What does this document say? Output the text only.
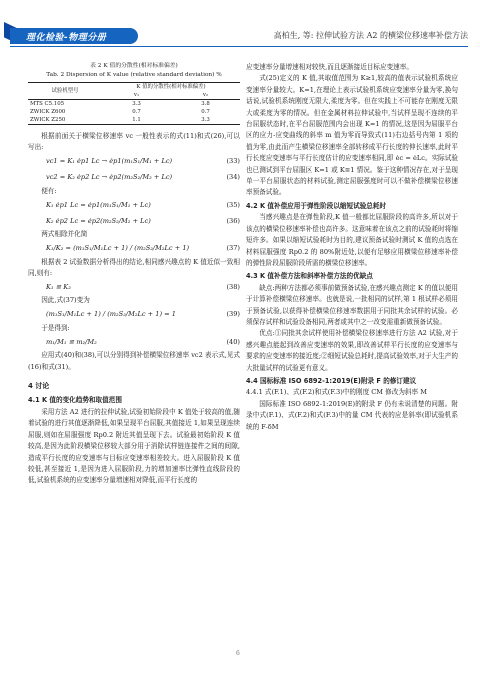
理化检验-物理分册	高柏生, 等: 拉伸试验方法 A2 的横梁位移速率补偿方法
表 2 K 值的分散性(相对标准偏差)
Tab. 2 Dispersion of K value (relative standard deviation) %
试验机型号	K 值的分散性(相对标准偏差)	
	v₁	v₂
MTS C5.105	3.3	3.8
ZWICK Z600	0.7	0.7
ZWICK Z250	1.1	3.3

根据前面关于横梁位移速率 vc 一般性表示的式(11)和式(26),可以写出:

vc1 = K₁ ėp1 Lc → ėp1(m₁S₁/M₁ + Lc)	(33)
vc2 = K₂ ėp2 Lc → ėp2(m₂S₂/M₂ + Lc)	(34)

便有:

K₁ ėp1 Lc = ėp1(m₁S₁/M₁ + Lc)	(35)
K₂ ėp2 Lc = ėp2(m₂S₂/M₂ + Lc)	(36)

两式相除并化简

K₁/K₂ = (m₁S₁/M₁Lc + 1) / (m₂S₂/M₂Lc + 1)	(37)

根据表 2 试验数据分析得出的结论,相同感兴趣点的 K 值近似一致相同,则有:

K₁ ≌ K₂	(38)

因此,式(37)变为

(m₁S₁/M₁Lc + 1) / (m₂S₂/M₂Lc + 1) = 1	(39)

于是得到:

m₁/M₁ ≌ m₂/M₂	(40)

应用式(40)和(38),可以分别得到补偿横梁位移速率 vc2 表示式,见式(16)和式(31)。

4 讨论
4.1 K 值的变化趋势和取值范围

采用方法 A2 进行的拉伸试验,试验初始阶段中 K 值处于较高的值,随着试验的进行其值逐渐降低,如果呈现平台屈服,其值接近 1,如果呈现连续屈服,则如在屈服强度 Rp0.2 附近其值呈现下去。试验最初始阶段 K 值较高,是因为此阶段横梁位移较大部分用于消除试样链连接件之间的间隙,造成平行长度的应变速率与目标应变速率相差较大。进入屈服阶段 K 值较低,甚至接近 1,是因为进入屈服阶段,力的增加速率比弹性直线阶段的低,试验机系统的应变速率分量增速相对降低,而平行长度的

应变速率分量增速相对较快,而且逐渐接近目标应变速率。

式(25)定义的 K 值,其取值范围为 K≥1,较高的值表示试验机系统应变速率分量较大。K=1,在理论上表示试验机系统应变速率分量为零,换句话说,试验机系统刚度无限大,柔度为零。但在实践上不可能存在刚度无限大或柔度为零的情况。但在金属材料拉伸试验中,当试样呈现不连续的平台屈服状态时,在平台屈服范围内会出现 K=1 的情况,这是因为屈服平台区的应力-应变曲线的斜率 m 值为零而导致式(11)右边括号内第 1 项的值为零,由此而产生横梁位移速率全部转移成平行长度的伸长速率,此时平行长度应变速率与平行长度估计的应变速率相同,即 ėc = ėLc。实际试验也已测试到平台屈服区 K=1 或 K≅1 情况。鉴于这种情况存在,对于呈现单一平台屈服状态的材料试验,测定屈服强度时可以不做补偿横梁位移速率预备试验。

4.2 K 值补偿应用于弹性阶段以缩短试验总耗时

当感兴趣点是在弹性阶段,K 值一般都比屈服阶段的高许多,所以对于该点的横梁位移速率补偿也高许多。这意味着在该点之前的试验耗时将缩短许多。如果以缩短试验耗时为目的,建议预备试验时测试 K 值的点选在材料屈服强度 Rp0.2 的 80%附近处,以便有足够应用横梁位移速率补偿的弹性阶段屈服阶段所需的横梁位移速率。

4.3 K 值补偿方法和斜率补偿方法的优缺点

缺点:两种方法都必须事前做预备试验,在感兴趣点测定 K 的值以便用于计算补偿横梁位移速率。也就是说,一批相同的试样,第 1 根试样必须用于预备试验,以获得补偿横梁位移速率数据用于同批其余试样的试验。必须保存试样和试验设备相同,两者或其中之一改变需重新做预备试验。

优点:①同批其余试样使用补偿横梁位移速率进行方法 A2 试验,对于感兴趣点能起到改善应变速率的效果,即改善试样平行长度的应变速率与要求的应变速率的接近度;②细短试验总耗时,提高试验效率,对于大生产的大批量试样的试验更有意义。

4.4 国标标准 ISO 6892-1:2019(E)附录 F 的修订建议

4.4.1 式(F.1)、式(F.2)和式(F.3)中的刚度 CM 修改为斜率 M

国际标准 ISO 6892-1:2019(E)的附录 F 仍有未说清楚的问题。附录中式(F.1)、式(F.2)和式(F.3)中的量 CM 代表的应是斜率(即试验机系统的 F-δM

6
